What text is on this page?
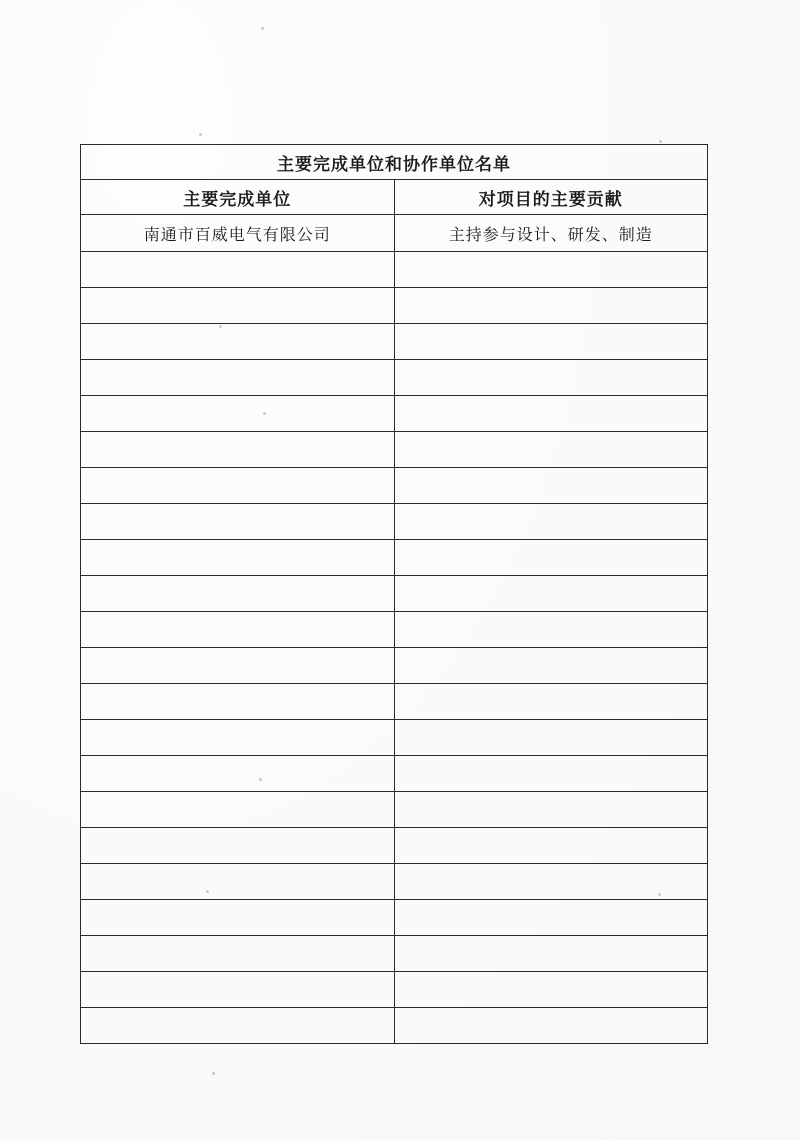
主要完成单位和协作单位名单	
主要完成单位	对项目的主要贡献
南通市百威电气有限公司	主持参与设计、研发、制造
